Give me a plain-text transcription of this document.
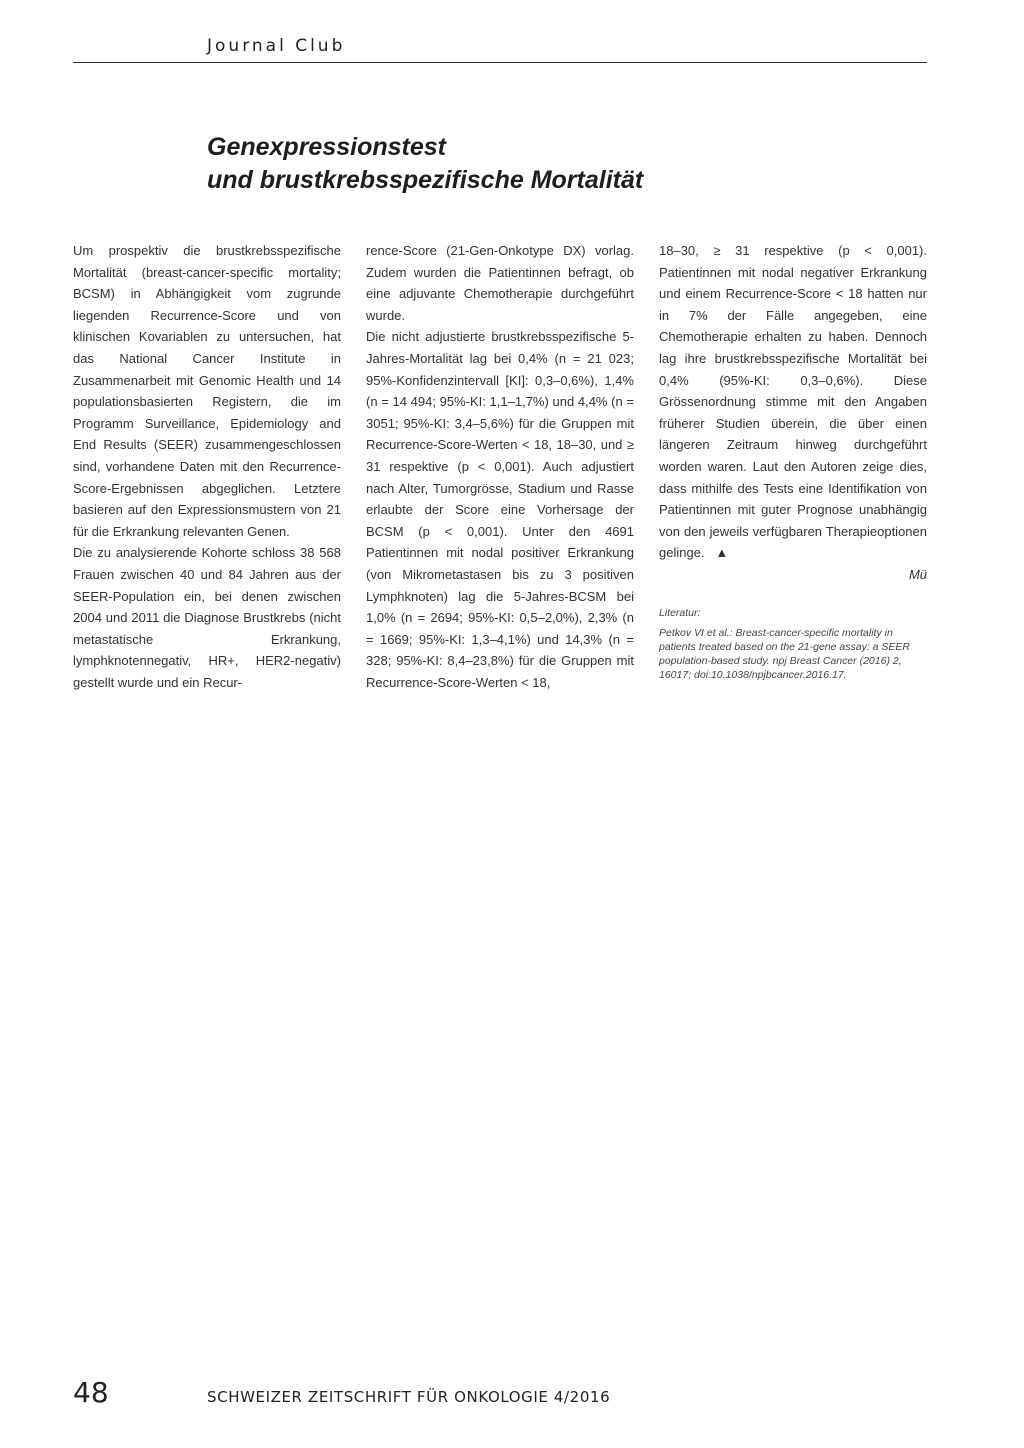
Journal Club
Genexpressionstest
und brustkrebsspezifische Mortalität

Um prospektiv die brustkrebsspezifische Mortalität (breast-cancer-specific mortality; BCSM) in Abhängigkeit vom zugrunde liegenden Recurrence-Score und von klinischen Kovariablen zu untersuchen, hat das National Cancer Institute in Zusammenarbeit mit Genomic Health und 14 populationsbasierten Registern, die im Programm Surveillance, Epidemiology and End Results (SEER) zusammengeschlossen sind, vorhandene Daten mit den Recurrence-Score-Ergebnissen abgeglichen. Letztere basieren auf den Expressionsmustern von 21 für die Erkrankung relevanten Genen.

Die zu analysierende Kohorte schloss 38 568 Frauen zwischen 40 und 84 Jahren aus der SEER-Population ein, bei denen zwischen 2004 und 2011 die Diagnose Brustkrebs (nicht metastatische Erkrankung, lymphknotennegativ, HR+, HER2-negativ) gestellt wurde und ein Recur-

rence-Score (21-Gen-Onkotype DX) vorlag. Zudem wurden die Patientinnen befragt, ob eine adjuvante Chemotherapie durchgeführt wurde.

Die nicht adjustierte brustkrebsspezifische 5-Jahres-Mortalität lag bei 0,4% (n = 21 023; 95%-Konfidenzintervall [KI]: 0,3–0,6%), 1,4% (n = 14 494; 95%-KI: 1,1–1,7%) und 4,4% (n = 3051; 95%-KI: 3,4–5,6%) für die Gruppen mit Recurrence-Score-Werten < 18, 18–30, und ≥ 31 respektive (p < 0,001). Auch adjustiert nach Alter, Tumorgrösse, Stadium und Rasse erlaubte der Score eine Vorhersage der BCSM (p < 0,001). Unter den 4691 Patientinnen mit nodal positiver Erkrankung (von Mikrometastasen bis zu 3 positiven Lymphknoten) lag die 5-Jahres-BCSM bei 1,0% (n = 2694; 95%-KI: 0,5–2,0%), 2,3% (n = 1669; 95%-KI: 1,3–4,1%) und 14,3% (n = 328; 95%-KI: 8,4–23,8%) für die Gruppen mit Recurrence-Score-Werten < 18,

18–30, ≥ 31 respektive (p < 0,001). Patientinnen mit nodal negativer Erkrankung und einem Recurrence-Score < 18 hatten nur in 7% der Fälle angegeben, eine Chemotherapie erhalten zu haben. Dennoch lag ihre brustkrebsspezifische Mortalität bei 0,4% (95%-KI: 0,3–0,6%). Diese Grössenordnung stimme mit den Angaben früherer Studien überein, die über einen längeren Zeitraum hinweg durchgeführt worden waren. Laut den Autoren zeige dies, dass mithilfe des Tests eine Identifikation von Patientinnen mit guter Prognose unabhängig von den jeweils verfügbaren Therapieoptionen gelinge. ▲

Mü

Literatur:

Petkov VI et al.: Breast-cancer-specific mortality in patients treated based on the 21-gene assay: a SEER population-based study. npj Breast Cancer (2016) 2, 16017; doi:10.1038/npjbcancer.2016.17.

48	SCHWEIZER ZEITSCHRIFT FÜR ONKOLOGIE 4/2016
